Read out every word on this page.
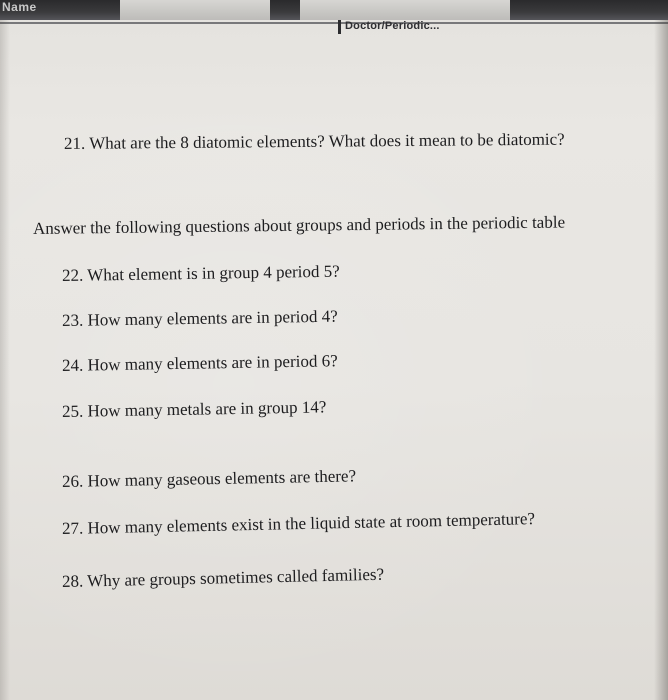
Name
Doctor/Periodic...
21. What are the 8 diatomic elements? What does it mean to be diatomic?
Answer the following questions about groups and periods in the periodic table
22. What element is in group 4 period 5?
23. How many elements are in period 4?
24. How many elements are in period 6?
25. How many metals are in group 14?
26. How many gaseous elements are there?
27. How many elements exist in the liquid state at room temperature?
28. Why are groups sometimes called families?
